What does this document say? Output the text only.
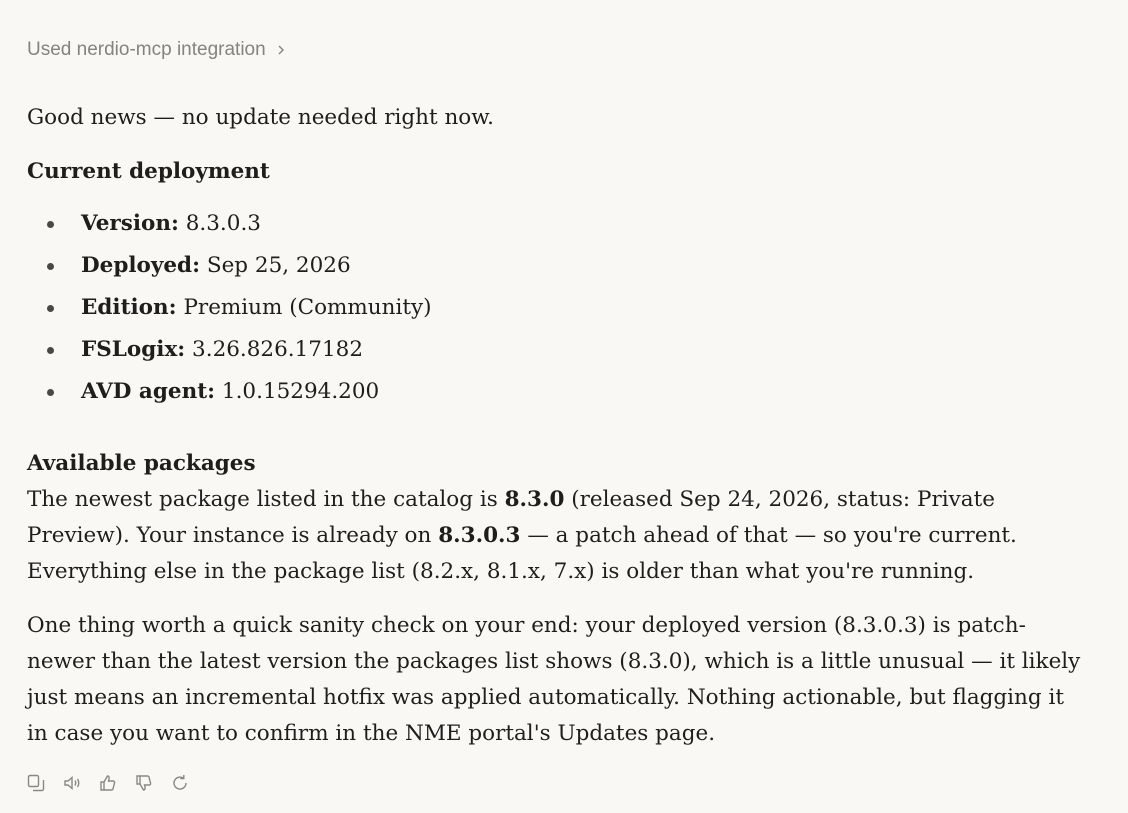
Used nerdio-mcp integration

Good news — no update needed right now.

Current deployment

Version: 8.3.0.3
Deployed: Sep 25, 2026
Edition: Premium (Community)
FSLogix: 3.26.826.17182
AVD agent: 1.0.15294.200

Available packages

The newest package listed in the catalog is 8.3.0 (released Sep 24, 2026, status: Private Preview). Your instance is already on 8.3.0.3 — a patch ahead of that — so you're current. Everything else in the package list (8.2.x, 8.1.x, 7.x) is older than what you're running.

One thing worth a quick sanity check on your end: your deployed version (8.3.0.3) is patch-newer than the latest version the packages list shows (8.3.0), which is a little unusual — it likely just means an incremental hotfix was applied automatically. Nothing actionable, but flagging it in case you want to confirm in the NME portal's Updates page.
